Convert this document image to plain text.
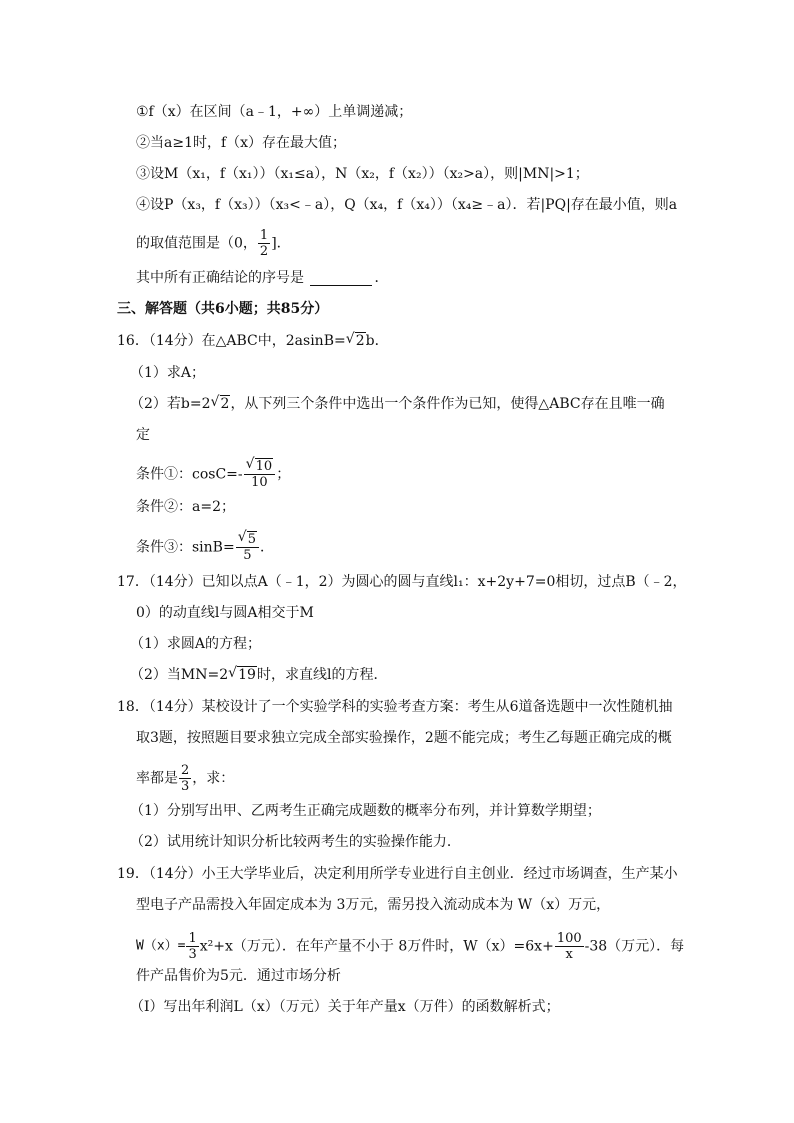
①f（x）在区间（a﹣1，+∞）上单调递减；
②当a≥1时，f（x）存在最大值；
③设M（x₁，f（x₁））（x₁≤a），N（x₂，f（x₂））（x₂>a），则|MN|>1；
④设P（x₃，f（x₃））（x₃<﹣a），Q（x₄，f（x₄））（x₄≥﹣a）．若|PQ|存在最小值，则a
的取值范围是（0， $\frac{1}{2}$ ]．
其中所有正确结论的序号是	．
三、解答题（共6小题；共85分）
16．（14分）在△ABC中，2asinB= √ 2b．
（1）求A；
（2）若b=2 √ 2，从下列三个条件中选出一个条件作为已知，使得△ABC存在且唯一确
定
条件①：cosC=- √ $\frac{10}{10}$ ；
条件②：a=2；
条件③：sinB= √ $\frac{5}{5}$ ．
17．（14分）已知以点A（﹣1，2）为圆心的圆与直线l₁：x+2y+7=0相切，过点B（﹣2，
0）的动直线l与圆A相交于M
（1）求圆A的方程；
（2）当MN=2 √ 19时，求直线l的方程．
18．（14分）某校设计了一个实验学科的实验考查方案：考生从6道备选题中一次性随机抽
取3题，按照题目要求独立完成全部实验操作，2题不能完成；考生乙每题正确完成的概
率都是 $\frac{2}{3}$ ，求：
（1）分别写出甲、乙两考生正确完成题数的概率分布列，并计算数学期望；
（2）试用统计知识分析比较两考生的实验操作能力．
19．（14分）小王大学毕业后，决定利用所学专业进行自主创业．经过市场调查，生产某小
型电子产品需投入年固定成本为 3万元，需另投入流动成本为 W（x）万元，
$W(x)= \frac{1}{3} x^2+x$（万元）．在年产量不小于 8万件时，$W(x)=6x+ \frac{100}{x} -38$（万元）．每
件产品售价为5元．通过市场分析
（Ⅰ）写出年利润L（x）（万元）关于年产量x（万件）的函数解析式；
